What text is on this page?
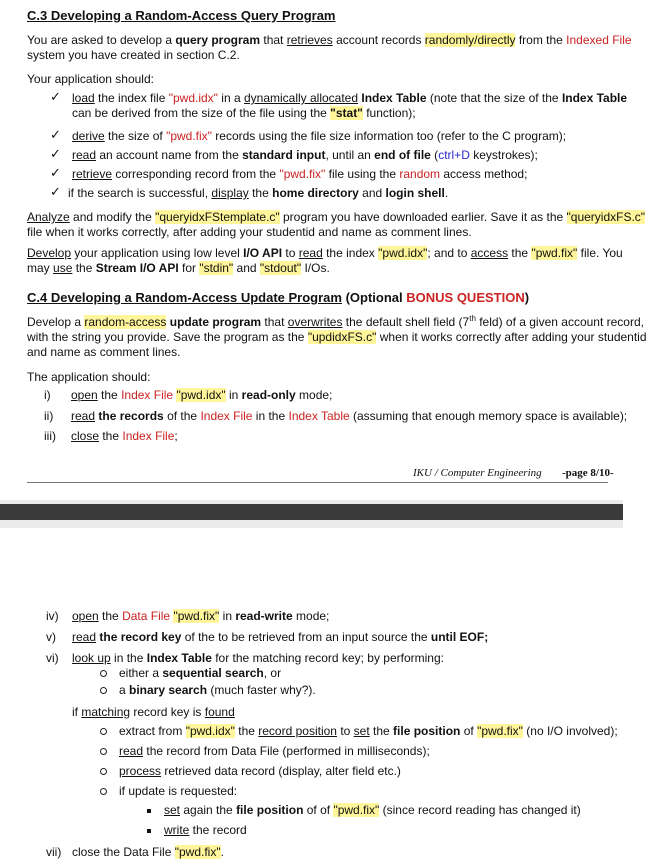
C.3 Developing a Random-Access Query Program
You are asked to develop a query program that retrieves account records randomly/directly from the Indexed File
system you have created in section C.2.
Your application should:
✓ load the index file "pwd.idx" in a dynamically allocated Index Table (note that the size of the Index Table
can be derived from the size of the file using the "stat" function);
✓ derive the size of "pwd.fix" records using the file size information too (refer to the C program);
✓ read an account name from the standard input, until an end of file (ctrl+D keystrokes);
✓ retrieve corresponding record from the "pwd.fix" file using the random access method;
✓ if the search is successful, display the home directory and login shell.
Analyze and modify the "queryidxFStemplate.c" program you have downloaded earlier. Save it as the "queryidxFS.c"
file when it works correctly, after adding your studentid and name as comment lines.
Develop your application using low level I/O API to read the index "pwd.idx"; and to access the "pwd.fix" file. You
may use the Stream I/O API for "stdin" and "stdout" I/Os.
C.4 Developing a Random-Access Update Program (Optional BONUS QUESTION)
Develop a random-access update program that overwrites the default shell field (7th feld) of a given account record,
with the string you provide. Save the program as the "updidxFS.c" when it works correctly after adding your studentid
and name as comment lines.
The application should:
i) open the Index File "pwd.idx" in read-only mode;
ii) read the records of the Index File in the Index Table (assuming that enough memory space is available);
iii) close the Index File;
IKU / Computer Engineering -page 8/10-
iv) open the Data File "pwd.fix" in read-write mode;
v) read the record key of the to be retrieved from an input source the until EOF;
vi) look up in the Index Table for the matching record key; by performing:
either a sequential search, or
a binary search (much faster why?).
if matching record key is found
extract from "pwd.idx" the record position to set the file position of "pwd.fix" (no I/O involved);
read the record from Data File (performed in milliseconds);
process retrieved data record (display, alter field etc.)
if update is requested:
set again the file position of of "pwd.fix" (since record reading has changed it)
write the record
vii) close the Data File "pwd.fix".
